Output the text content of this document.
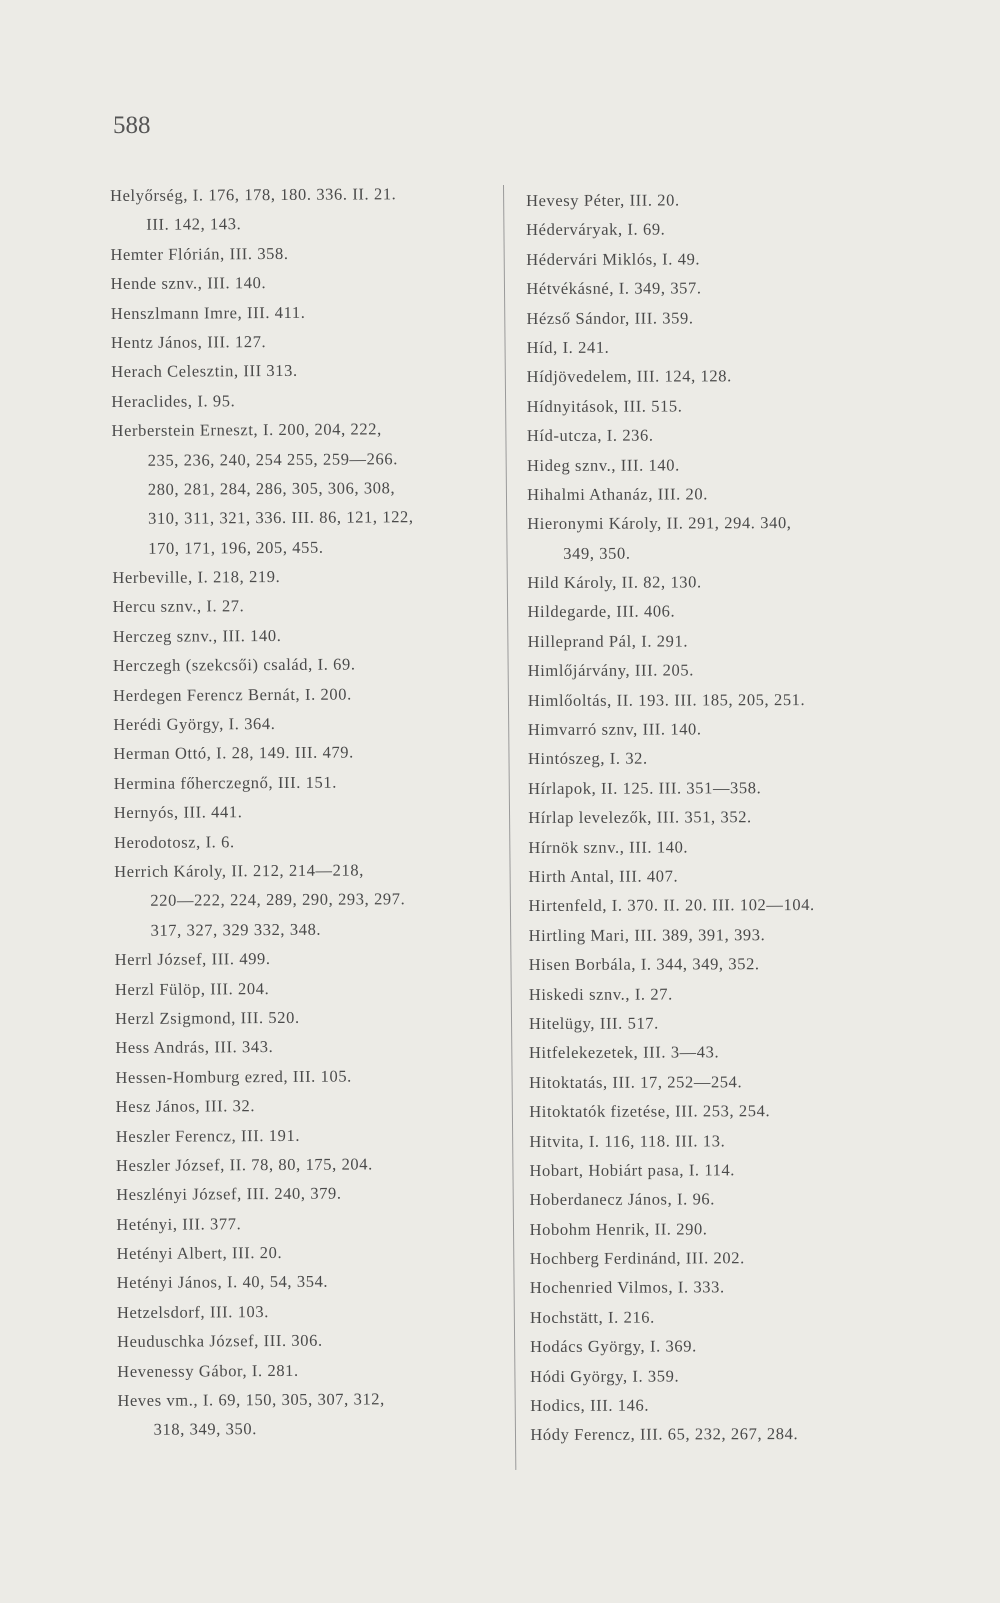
588
Helyőrség, I. 176, 178, 180. 336. II. 21.
III. 142, 143.
Hemter Flórián, III. 358.
Hende sznv., III. 140.
Henszlmann Imre, III. 411.
Hentz János, III. 127.
Herach Celesztin, III 313.
Heraclides, I. 95.
Herberstein Erneszt, I. 200, 204, 222,
235, 236, 240, 254 255, 259—266.
280, 281, 284, 286, 305, 306, 308,
310, 311, 321, 336. III. 86, 121, 122,
170, 171, 196, 205, 455.
Herbeville, I. 218, 219.
Hercu sznv., I. 27.
Herczeg sznv., III. 140.
Herczegh (szekcsői) család, I. 69.
Herdegen Ferencz Bernát, I. 200.
Herédi György, I. 364.
Herman Ottó, I. 28, 149. III. 479.
Hermina főherczegnő, III. 151.
Hernyós, III. 441.
Herodotosz, I. 6.
Herrich Károly, II. 212, 214—218,
220—222, 224, 289, 290, 293, 297.
317, 327, 329 332, 348.
Herrl József, III. 499.
Herzl Fülöp, III. 204.
Herzl Zsigmond, III. 520.
Hess András, III. 343.
Hessen-Homburg ezred, III. 105.
Hesz János, III. 32.
Heszler Ferencz, III. 191.
Heszler József, II. 78, 80, 175, 204.
Heszlényi József, III. 240, 379.
Hetényi, III. 377.
Hetényi Albert, III. 20.
Hetényi János, I. 40, 54, 354.
Hetzelsdorf, III. 103.
Heuduschka József, III. 306.
Hevenessy Gábor, I. 281.
Heves vm., I. 69, 150, 305, 307, 312,
318, 349, 350.
Hevesy Péter, III. 20.
Héderváryak, I. 69.
Hédervári Miklós, I. 49.
Hétvékásné, I. 349, 357.
Hézső Sándor, III. 359.
Híd, I. 241.
Hídjövedelem, III. 124, 128.
Hídnyitások, III. 515.
Híd-utcza, I. 236.
Hideg sznv., III. 140.
Hihalmi Athanáz, III. 20.
Hieronymi Károly, II. 291, 294. 340,
349, 350.
Hild Károly, II. 82, 130.
Hildegarde, III. 406.
Hilleprand Pál, I. 291.
Himlőjárvány, III. 205.
Himlőoltás, II. 193. III. 185, 205, 251.
Himvarró sznv, III. 140.
Hintószeg, I. 32.
Hírlapok, II. 125. III. 351—358.
Hírlap levelezők, III. 351, 352.
Hírnök sznv., III. 140.
Hirth Antal, III. 407.
Hirtenfeld, I. 370. II. 20. III. 102—104.
Hirtling Mari, III. 389, 391, 393.
Hisen Borbála, I. 344, 349, 352.
Hiskedi sznv., I. 27.
Hitelügy, III. 517.
Hitfelekezetek, III. 3—43.
Hitoktatás, III. 17, 252—254.
Hitoktatók fizetése, III. 253, 254.
Hitvita, I. 116, 118. III. 13.
Hobart, Hobiárt pasa, I. 114.
Hoberdanecz János, I. 96.
Hobohm Henrik, II. 290.
Hochberg Ferdinánd, III. 202.
Hochenried Vilmos, I. 333.
Hochstätt, I. 216.
Hodács György, I. 369.
Hódi György, I. 359.
Hodics, III. 146.
Hódy Ferencz, III. 65, 232, 267, 284.
